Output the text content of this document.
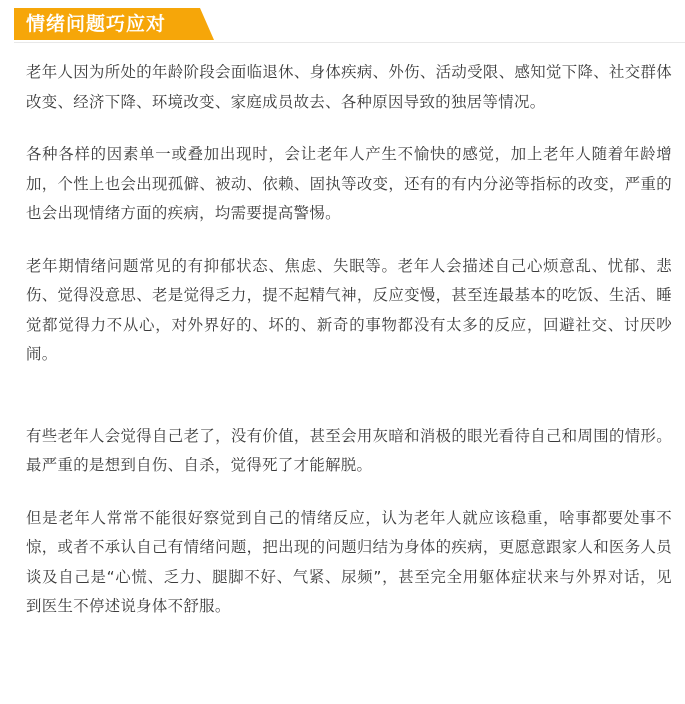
情绪问题巧应对

老年人因为所处的年龄阶段会面临退休、身体疾病、外伤、活动受限、感知觉下降、社交群体改变、经济下降、环境改变、家庭成员故去、各种原因导致的独居等情况。

各种各样的因素单一或叠加出现时，会让老年人产生不愉快的感觉，加上老年人随着年龄增加，个性上也会出现孤僻、被动、依赖、固执等改变，还有的有内分泌等指标的改变，严重的也会出现情绪方面的疾病，均需要提高警惕。

老年期情绪问题常见的有抑郁状态、焦虑、失眠等。老年人会描述自己心烦意乱、忧郁、悲伤、觉得没意思、老是觉得乏力，提不起精气神，反应变慢，甚至连最基本的吃饭、生活、睡觉都觉得力不从心，对外界好的、坏的、新奇的事物都没有太多的反应，回避社交、讨厌吵闹。

有些老年人会觉得自己老了，没有价值，甚至会用灰暗和消极的眼光看待自己和周围的情形。最严重的是想到自伤、自杀，觉得死了才能解脱。

但是老年人常常不能很好察觉到自己的情绪反应，认为老年人就应该稳重，啥事都要处事不惊，或者不承认自己有情绪问题，把出现的问题归结为身体的疾病，更愿意跟家人和医务人员谈及自己是“心慌、乏力、腿脚不好、气紧、尿频”，甚至完全用躯体症状来与外界对话，见到医生不停述说身体不舒服。
